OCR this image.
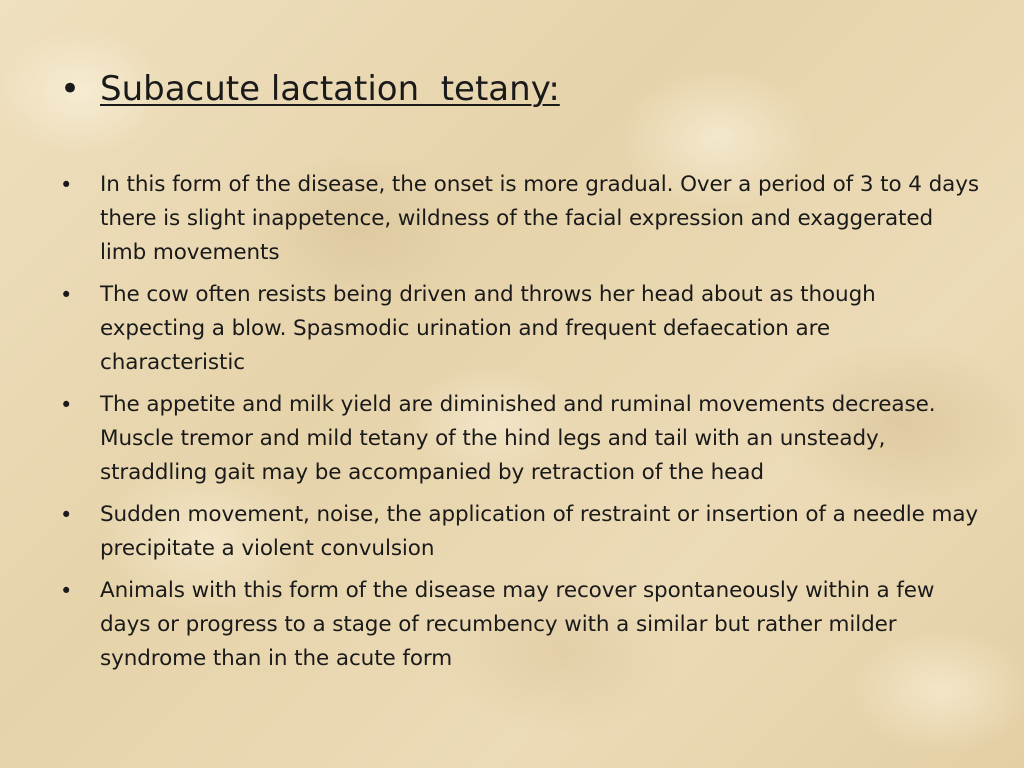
• Subacute lactation  tetany:
•	In this form of the disease, the onset is more gradual. Over a period of 3 to 4 days there is slight inappetence, wildness of the facial expression and exaggerated limb movements
•	The cow often resists being driven and throws her head about as though expecting a blow. Spasmodic urination and frequent defaecation are characteristic
•	The appetite and milk yield are diminished and ruminal movements decrease. Muscle tremor and mild tetany of the hind legs and tail with an unsteady, straddling gait may be accompanied by retraction of the head
•	Sudden movement, noise, the application of restraint or insertion of a needle may precipitate a violent convulsion
•	Animals with this form of the disease may recover spontaneously within a few days or progress to a stage of recumbency with a similar but rather milder syndrome than in the acute form
